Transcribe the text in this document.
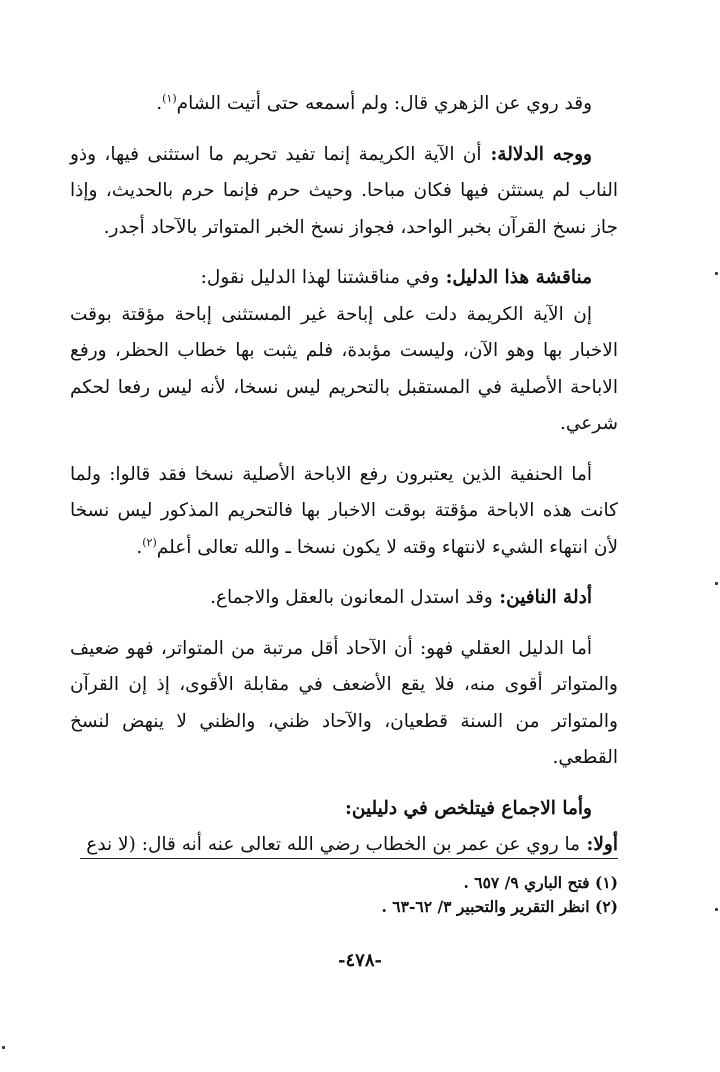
وقد روي عن الزهري قال: ولم أسمعه حتى أتيت الشام$^{(١)}$.

ووجه الدلالة: أن الآية الكريمة إنما تفيد تحريم ما استثنى فيها، وذو الناب لم يستثن فيها فكان مباحا. وحيث حرم فإنما حرم بالحديث، وإذا جاز نسخ القرآن بخبر الواحد، فجواز نسخ الخبر المتواتر بالآحاد أجدر.

مناقشة هذا الدليل: وفي مناقشتنا لهذا الدليل نقول:

إن الآية الكريمة دلت على إباحة غير المستثنى إباحة مؤقتة بوقت الاخبار بها وهو الآن، وليست مؤبدة، فلم يثبت بها خطاب الحظر، ورفع الاباحة الأصلية في المستقبل بالتحريم ليس نسخا، لأنه ليس رفعا لحكم شرعي.

أما الحنفية الذين يعتبرون رفع الاباحة الأصلية نسخا فقد قالوا: ولما كانت هذه الاباحة مؤقتة بوقت الاخبار بها فالتحريم المذكور ليس نسخا لأن انتهاء الشيء لانتهاء وقته لا يكون نسخا ـ والله تعالى أعلم$^{(٢)}$.

أدلة النافين: وقد استدل المعانون بالعقل والاجماع.

أما الدليل العقلي فهو: أن الآحاد أقل مرتبة من المتواتر، فهو ضعيف والمتواتر أقوى منه، فلا يقع الأضعف في مقابلة الأقوى، إذ إن القرآن والمتواتر من السنة قطعيان، والآحاد ظني، والظني لا ينهض لنسخ القطعي.

وأما الاجماع فيتلخص في دليلين:

أولا: ما روي عن عمر بن الخطاب رضي الله تعالى عنه أنه قال: (لا ندع

(١) فتح الباري ٩/ ٦٥٧ .

(٢) انظر التقرير والتحبير ٣/ ٦٢-٦٣ .

-٤٧٨-
